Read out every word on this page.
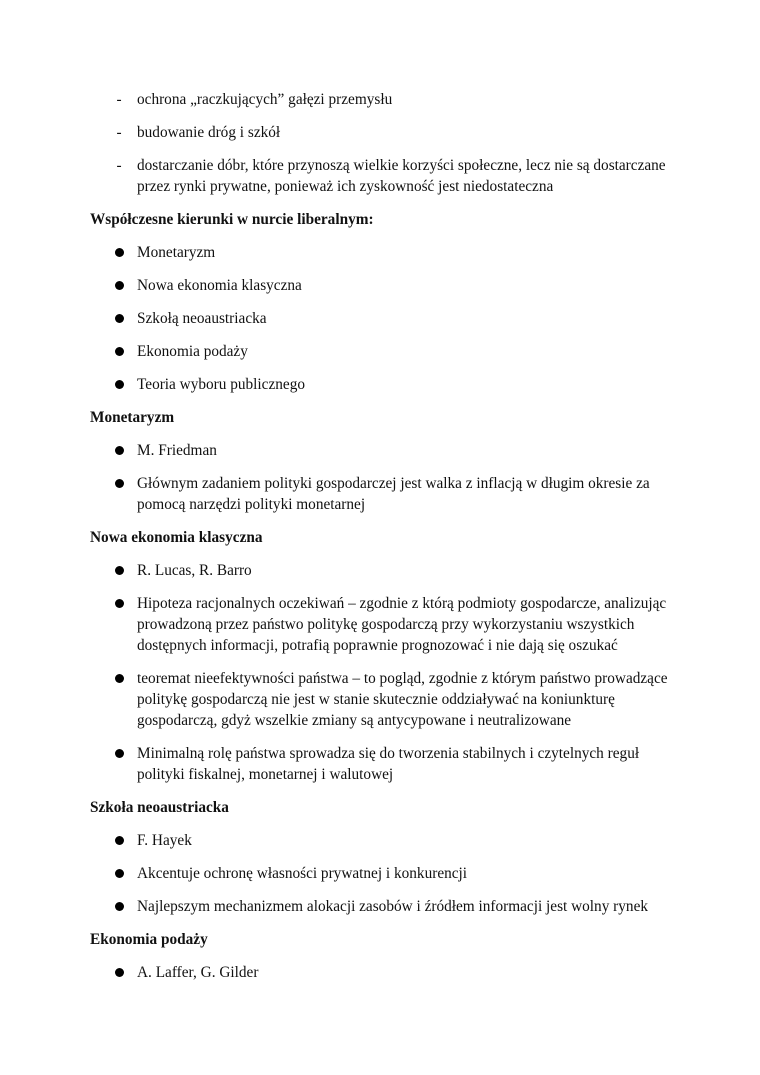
- ochrona „raczkujących” gałęzi przemysłu
- budowanie dróg i szkół
- dostarczanie dóbr, które przynoszą wielkie korzyści społeczne, lecz nie są dostarczane
przez rynki prywatne, ponieważ ich zyskowność jest niedostateczna
Współczesne kierunki w nurcie liberalnym:
Monetaryzm
Nowa ekonomia klasyczna
Szkołą neoaustriacka
Ekonomia podaży
Teoria wyboru publicznego
Monetaryzm
M. Friedman
Głównym zadaniem polityki gospodarczej jest walka z inflacją w długim okresie za
pomocą narzędzi polityki monetarnej
Nowa ekonomia klasyczna
R. Lucas, R. Barro
Hipoteza racjonalnych oczekiwań – zgodnie z którą podmioty gospodarcze, analizując
prowadzoną przez państwo politykę gospodarczą przy wykorzystaniu wszystkich
dostępnych informacji, potrafią poprawnie prognozować i nie dają się oszukać
teoremat nieefektywności państwa – to pogląd, zgodnie z którym państwo prowadzące
politykę gospodarczą nie jest w stanie skutecznie oddziaływać na koniunkturę
gospodarczą, gdyż wszelkie zmiany są antycypowane i neutralizowane
Minimalną rolę państwa sprowadza się do tworzenia stabilnych i czytelnych reguł
polityki fiskalnej, monetarnej i walutowej
Szkoła neoaustriacka
F. Hayek
Akcentuje ochronę własności prywatnej i konkurencji
Najlepszym mechanizmem alokacji zasobów i źródłem informacji jest wolny rynek
Ekonomia podaży
A. Laffer, G. Gilder
